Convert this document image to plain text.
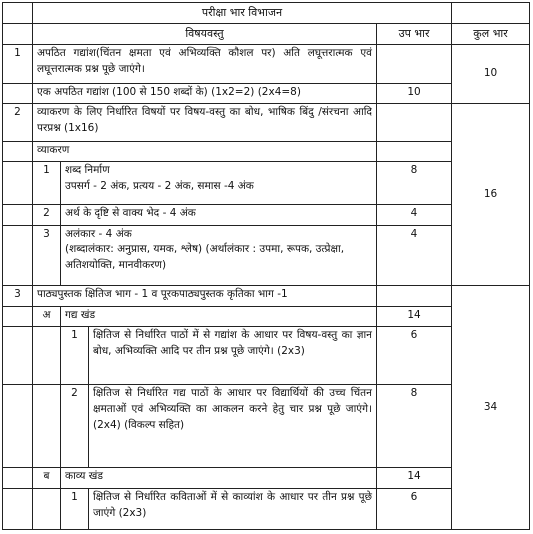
	परीक्षा भार विभाजन				
	विषयवस्तु			उप भार	कुल भार
1	अपठित गद्यांश(चिंतन क्षमता एवं अभिव्यक्ति कौशल पर) अति लघूत्तरात्मक एवं लघूत्तरात्मक प्रश्न पूछे जाएंगे।				10
	एक अपठित गद्यांश (100 से 150 शब्दों के) (1x2=2) (2x4=8)			10	
2	व्याकरण के लिए निर्धारित विषयों पर विषय-वस्तु का बोध, भाषिक बिंदु /संरचना आदि परप्रश्न (1x16)				16
	व्याकरण				
	1	शब्द निर्माण
उपसर्ग - 2 अंक, प्रत्यय - 2 अंक, समास -4 अंक		8	
	2	अर्थ के दृष्टि से वाक्य भेद - 4 अंक		4	
	3	अलंकार - 4 अंक
(शब्दालंकार: अनुप्रास, यमक, श्लेष) (अर्थालंकार : उपमा, रूपक, उत्प्रेक्षा, अतिशयोक्ति, मानवीकरण)		4	
3	पाठ्यपुस्तक क्षितिज भाग - 1 व पूरकपाठ्यपुस्तक कृतिका भाग -1				34
	अ	गद्य खंड		14	
		1	क्षितिज से निर्धारित पाठों में से गद्यांश के आधार पर विषय-वस्तु का ज्ञान बोध, अभिव्यक्ति आदि पर तीन प्रश्न पूछे जाएंगे। (2x3)	6	
		2	क्षितिज से निर्धारित गद्य पाठों के आधार पर विद्यार्थियों की उच्च चिंतन क्षमताओं एवं अभिव्यक्ति का आकलन करने हेतु चार प्रश्न पूछे जाएंगे।(2x4) (विकल्प सहित)	8	
	ब	काव्य खंड		14	
		1	क्षितिज से निर्धारित कविताओं में से काव्यांश के आधार पर तीन प्रश्न पूछे जाएंगे (2x3)	6	
